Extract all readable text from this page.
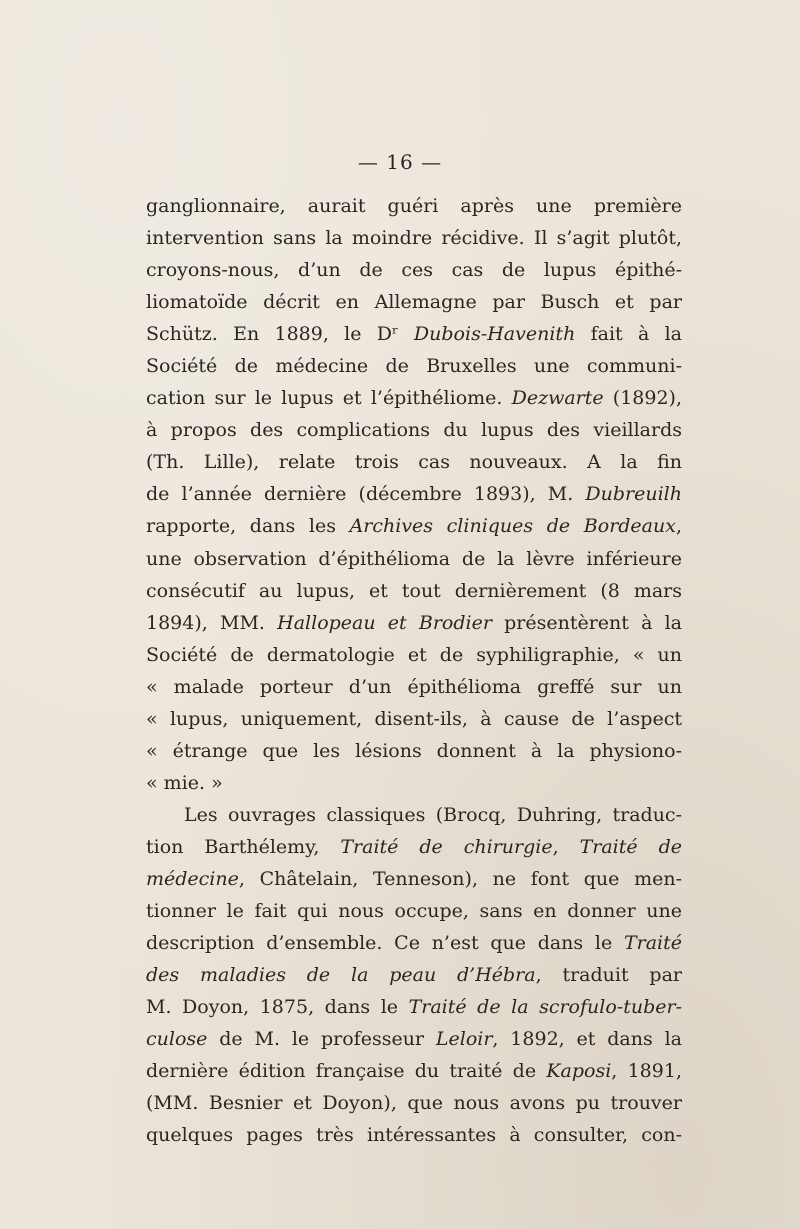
— 16 —
ganglionnaire, aurait guéri après une première
intervention sans la moindre récidive. Il s’agit plutôt,
croyons-nous, d’un de ces cas de lupus épithé-
liomatoïde décrit en Allemagne par Busch et par
Schütz. En 1889, le Dʳ Dubois-Havenith fait à la
Société de médecine de Bruxelles une communi-
cation sur le lupus et l’épithéliome. Dezwarte (1892),
à propos des complications du lupus des vieillards
(Th. Lille), relate trois cas nouveaux. A la fin
de l’année dernière (décembre 1893), M. Dubreuilh
rapporte, dans les Archives cliniques de Bordeaux,
une observation d’épithélioma de la lèvre inférieure
consécutif au lupus, et tout dernièrement (8 mars
1894), MM. Hallopeau et Brodier présentèrent à la
Société de dermatologie et de syphiligraphie, « un
« malade porteur d’un épithélioma greffé sur un
« lupus, uniquement, disent-ils, à cause de l’aspect
« étrange que les lésions donnent à la physiono-
« mie. »
Les ouvrages classiques (Brocq, Duhring, traduc-
tion Barthélemy, Traité de chirurgie, Traité de
médecine, Châtelain, Tenneson), ne font que men-
tionner le fait qui nous occupe, sans en donner une
description d’ensemble. Ce n’est que dans le Traité
des maladies de la peau d’Hébra, traduit par
M. Doyon, 1875, dans le Traité de la scrofulo-tuber-
culose de M. le professeur Leloir, 1892, et dans la
dernière édition française du traité de Kaposi, 1891,
(MM. Besnier et Doyon), que nous avons pu trouver
quelques pages très intéressantes à consulter, con-
